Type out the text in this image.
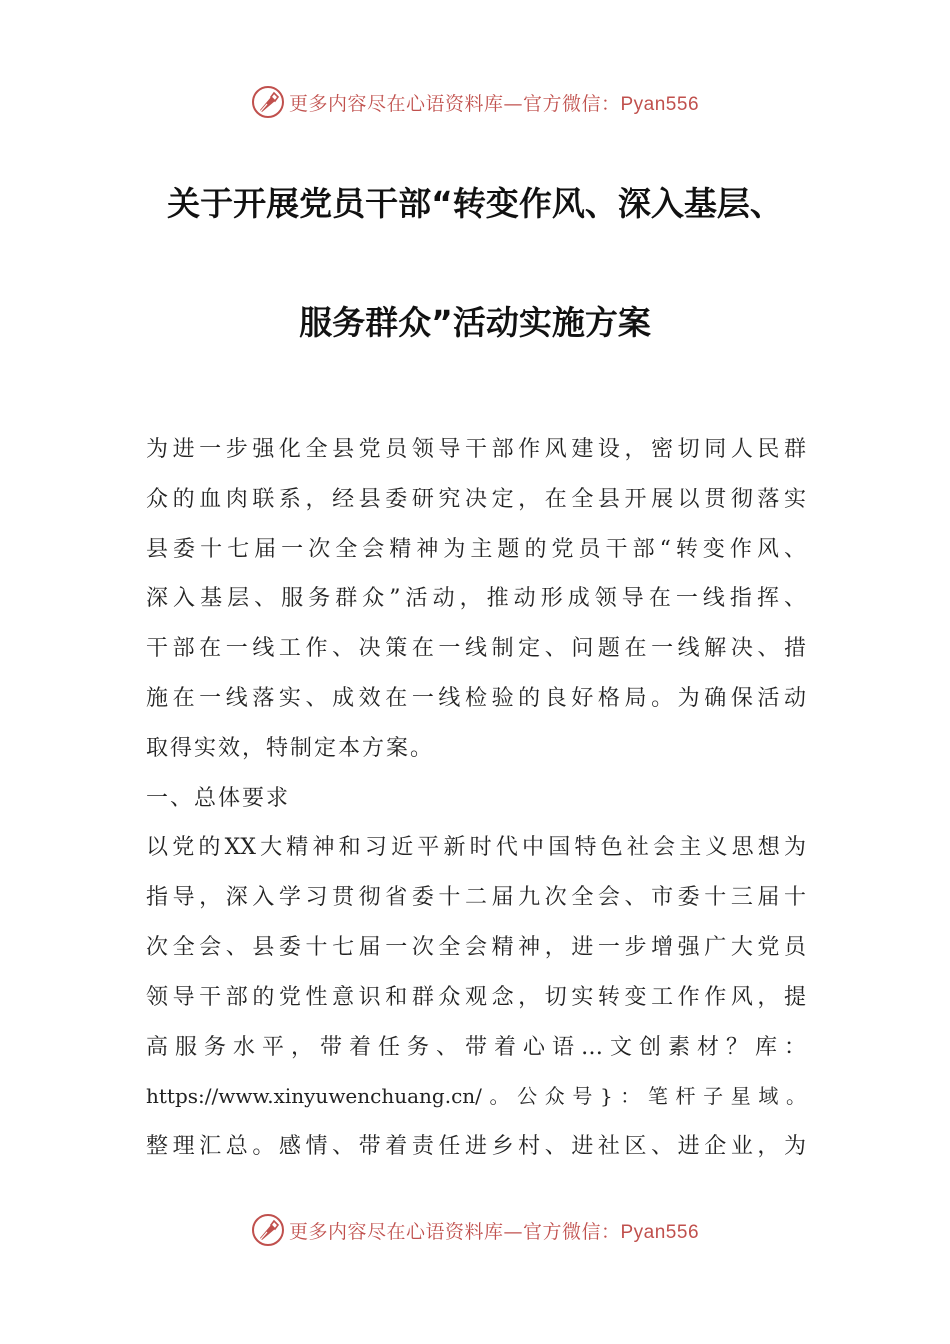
更多内容尽在心语资料库—官方微信：Pyan556
关于开展党员干部“转变作风、深入基层、
服务群众”活动实施方案
为进一步强化全县党员领导干部作风建设，密切同人民群
众的血肉联系，经县委研究决定，在全县开展以贯彻落实
县委十七届一次全会精神为主题的党员干部“转变作风、
深入基层、服务群众”活动，推动形成领导在一线指挥、
干部在一线工作、决策在一线制定、问题在一线解决、措
施在一线落实、成效在一线检验的良好格局。为确保活动
取得实效，特制定本方案。
一、总体要求
以党的XX大精神和习近平新时代中国特色社会主义思想为
指导，深入学习贯彻省委十二届九次全会、市委十三届十
次全会、县委十七届一次全会精神，进一步增强广大党员
领导干部的党性意识和群众观念，切实转变工作作风，提
高服务水平，带着任务、带着心语…文创素材？库：
https://www.xinyuwenchuang.cn/。公众号}：笔杆子星域。
整理汇总。感情、带着责任进乡村、进社区、进企业，为
更多内容尽在心语资料库—官方微信：Pyan556
